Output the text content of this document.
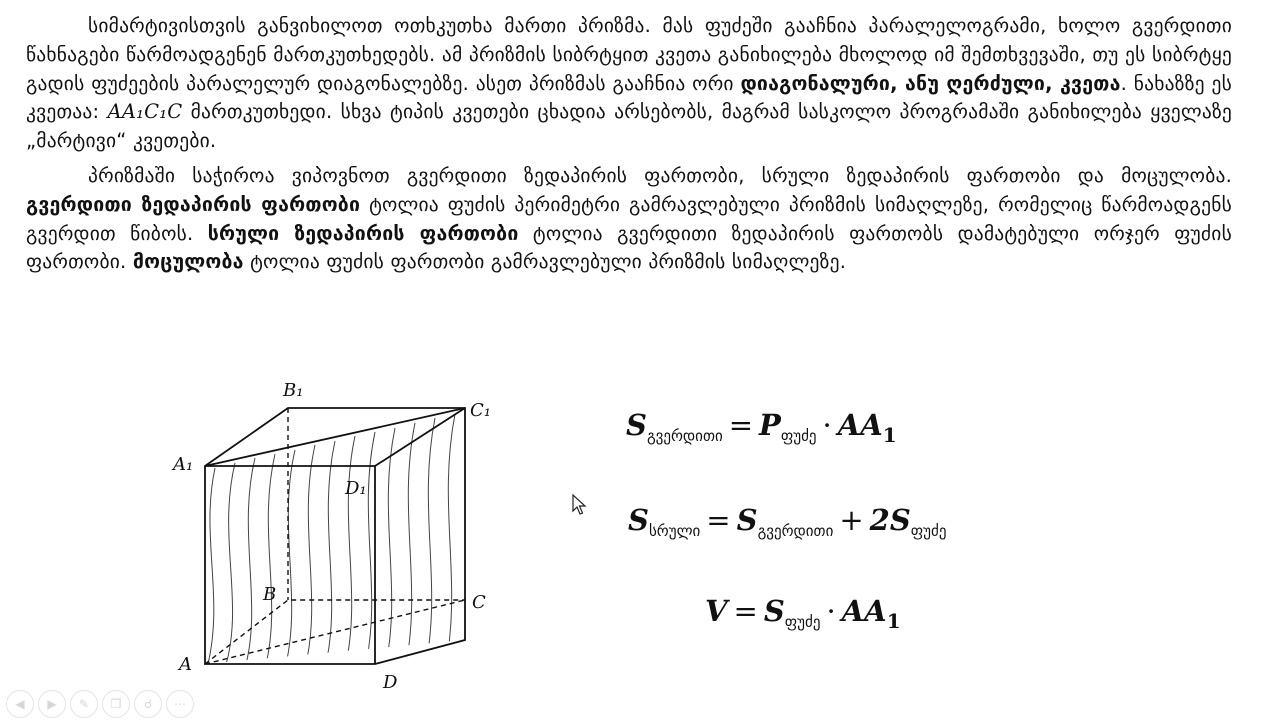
სიმარტივისთვის განვიხილოთ ოთხკუთხა მართი პრიზმა. მას ფუძეში გააჩნია პარალელოგრამი, ხოლო გვერდითი წახნაგები წარმოადგენენ მართკუთხედებს. ამ პრიზმის სიბრტყით კვეთა განიხილება მხოლოდ იმ შემთხვევაში, თუ ეს სიბრტყე გადის ფუძეების პარალელურ დიაგონალებზე. ასეთ პრიზმას გააჩნია ორი დიაგონალური, ანუ ღერძული, კვეთა. ნახაზზე ეს კვეთაა: AA₁C₁C მართკუთხედი. სხვა ტიპის კვეთები ცხადია არსებობს, მაგრამ სასკოლო პროგრამაში განიხილება ყველაზე „მარტივი“ კვეთები.

პრიზმაში საჭიროა ვიპოვნოთ გვერდითი ზედაპირის ფართობი, სრული ზედაპირის ფართობი და მოცულობა. გვერდითი ზედაპირის ფართობი ტოლია ფუძის პერიმეტრი გამრავლებული პრიზმის სიმაღლეზე, რომელიც წარმოადგენს გვერდით წიბოს. სრული ზედაპირის ფართობი ტოლია გვერდითი ზედაპირის ფართობს დამატებული ორჯერ ფუძის ფართობი. მოცულობა ტოლია ფუძის ფართობი გამრავლებული პრიზმის სიმაღლეზე.

B₁
C₁
A₁
D₁
B	C
A
D
$S_{გვერდითი} = P_{ფუძე} \cdot AA_1$
$S_{სრული} = S_{გვერდითი} + 2S_{ფუძე}$
$V = S_{ფუძე} \cdot AA_1$
◀	▶	✎	❐	☌	⋯
